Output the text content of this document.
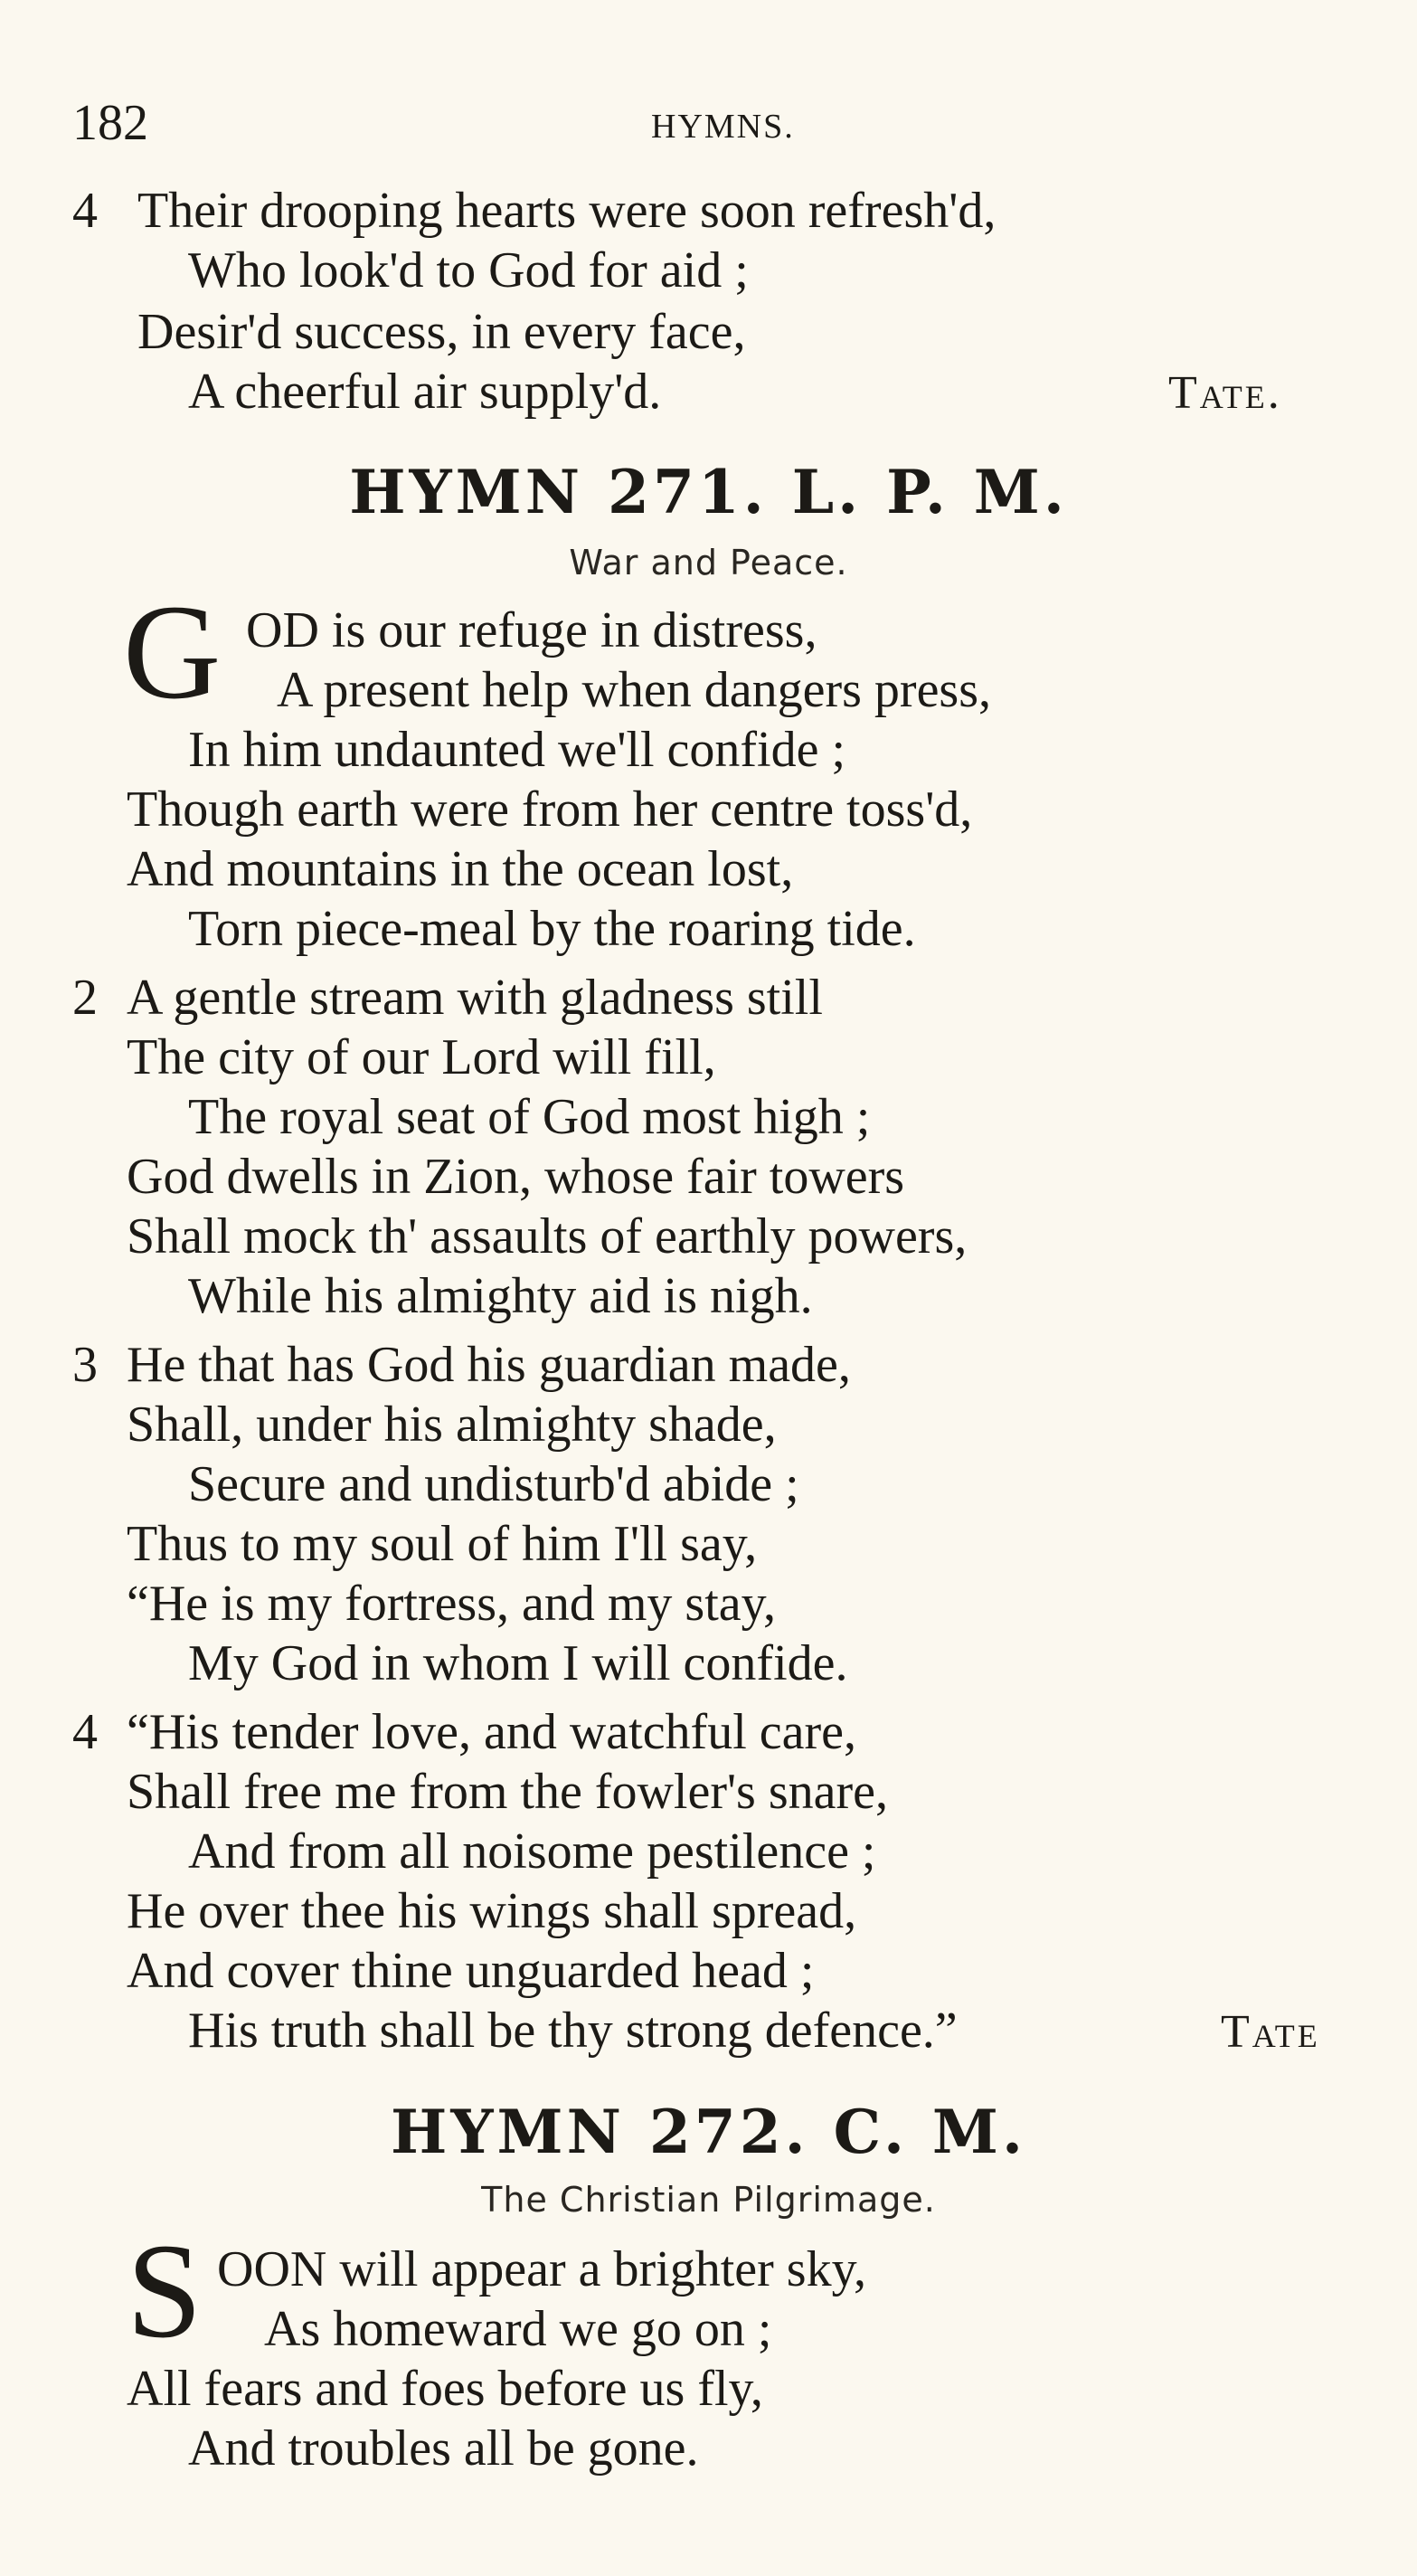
182	HYMNS.
4 Their drooping hearts were soon refresh'd,
Who look'd to God for aid ;
Desir'd success, in every face,
A cheerful air supply'd.	Tate.
HYMN 271. L. P. M.
War and Peace.
G OD is our refuge in distress,
A present help when dangers press,
In him undaunted we'll confide ;
Though earth were from her centre toss'd,
And mountains in the ocean lost,
Torn piece-meal by the roaring tide.
2 A gentle stream with gladness still
The city of our Lord will fill,
The royal seat of God most high ;
God dwells in Zion, whose fair towers
Shall mock th' assaults of earthly powers,
While his almighty aid is nigh.
3 He that has God his guardian made,
Shall, under his almighty shade,
Secure and undisturb'd abide ;
Thus to my soul of him I'll say,
“He is my fortress, and my stay,
My God in whom I will confide.
4 “His tender love, and watchful care,
Shall free me from the fowler's snare,
And from all noisome pestilence ;
He over thee his wings shall spread,
And cover thine unguarded head ;
His truth shall be thy strong defence.”	Tate
HYMN 272. C. M.
The Christian Pilgrimage.
S OON will appear a brighter sky,
As homeward we go on ;
All fears and foes before us fly,
And troubles all be gone.
